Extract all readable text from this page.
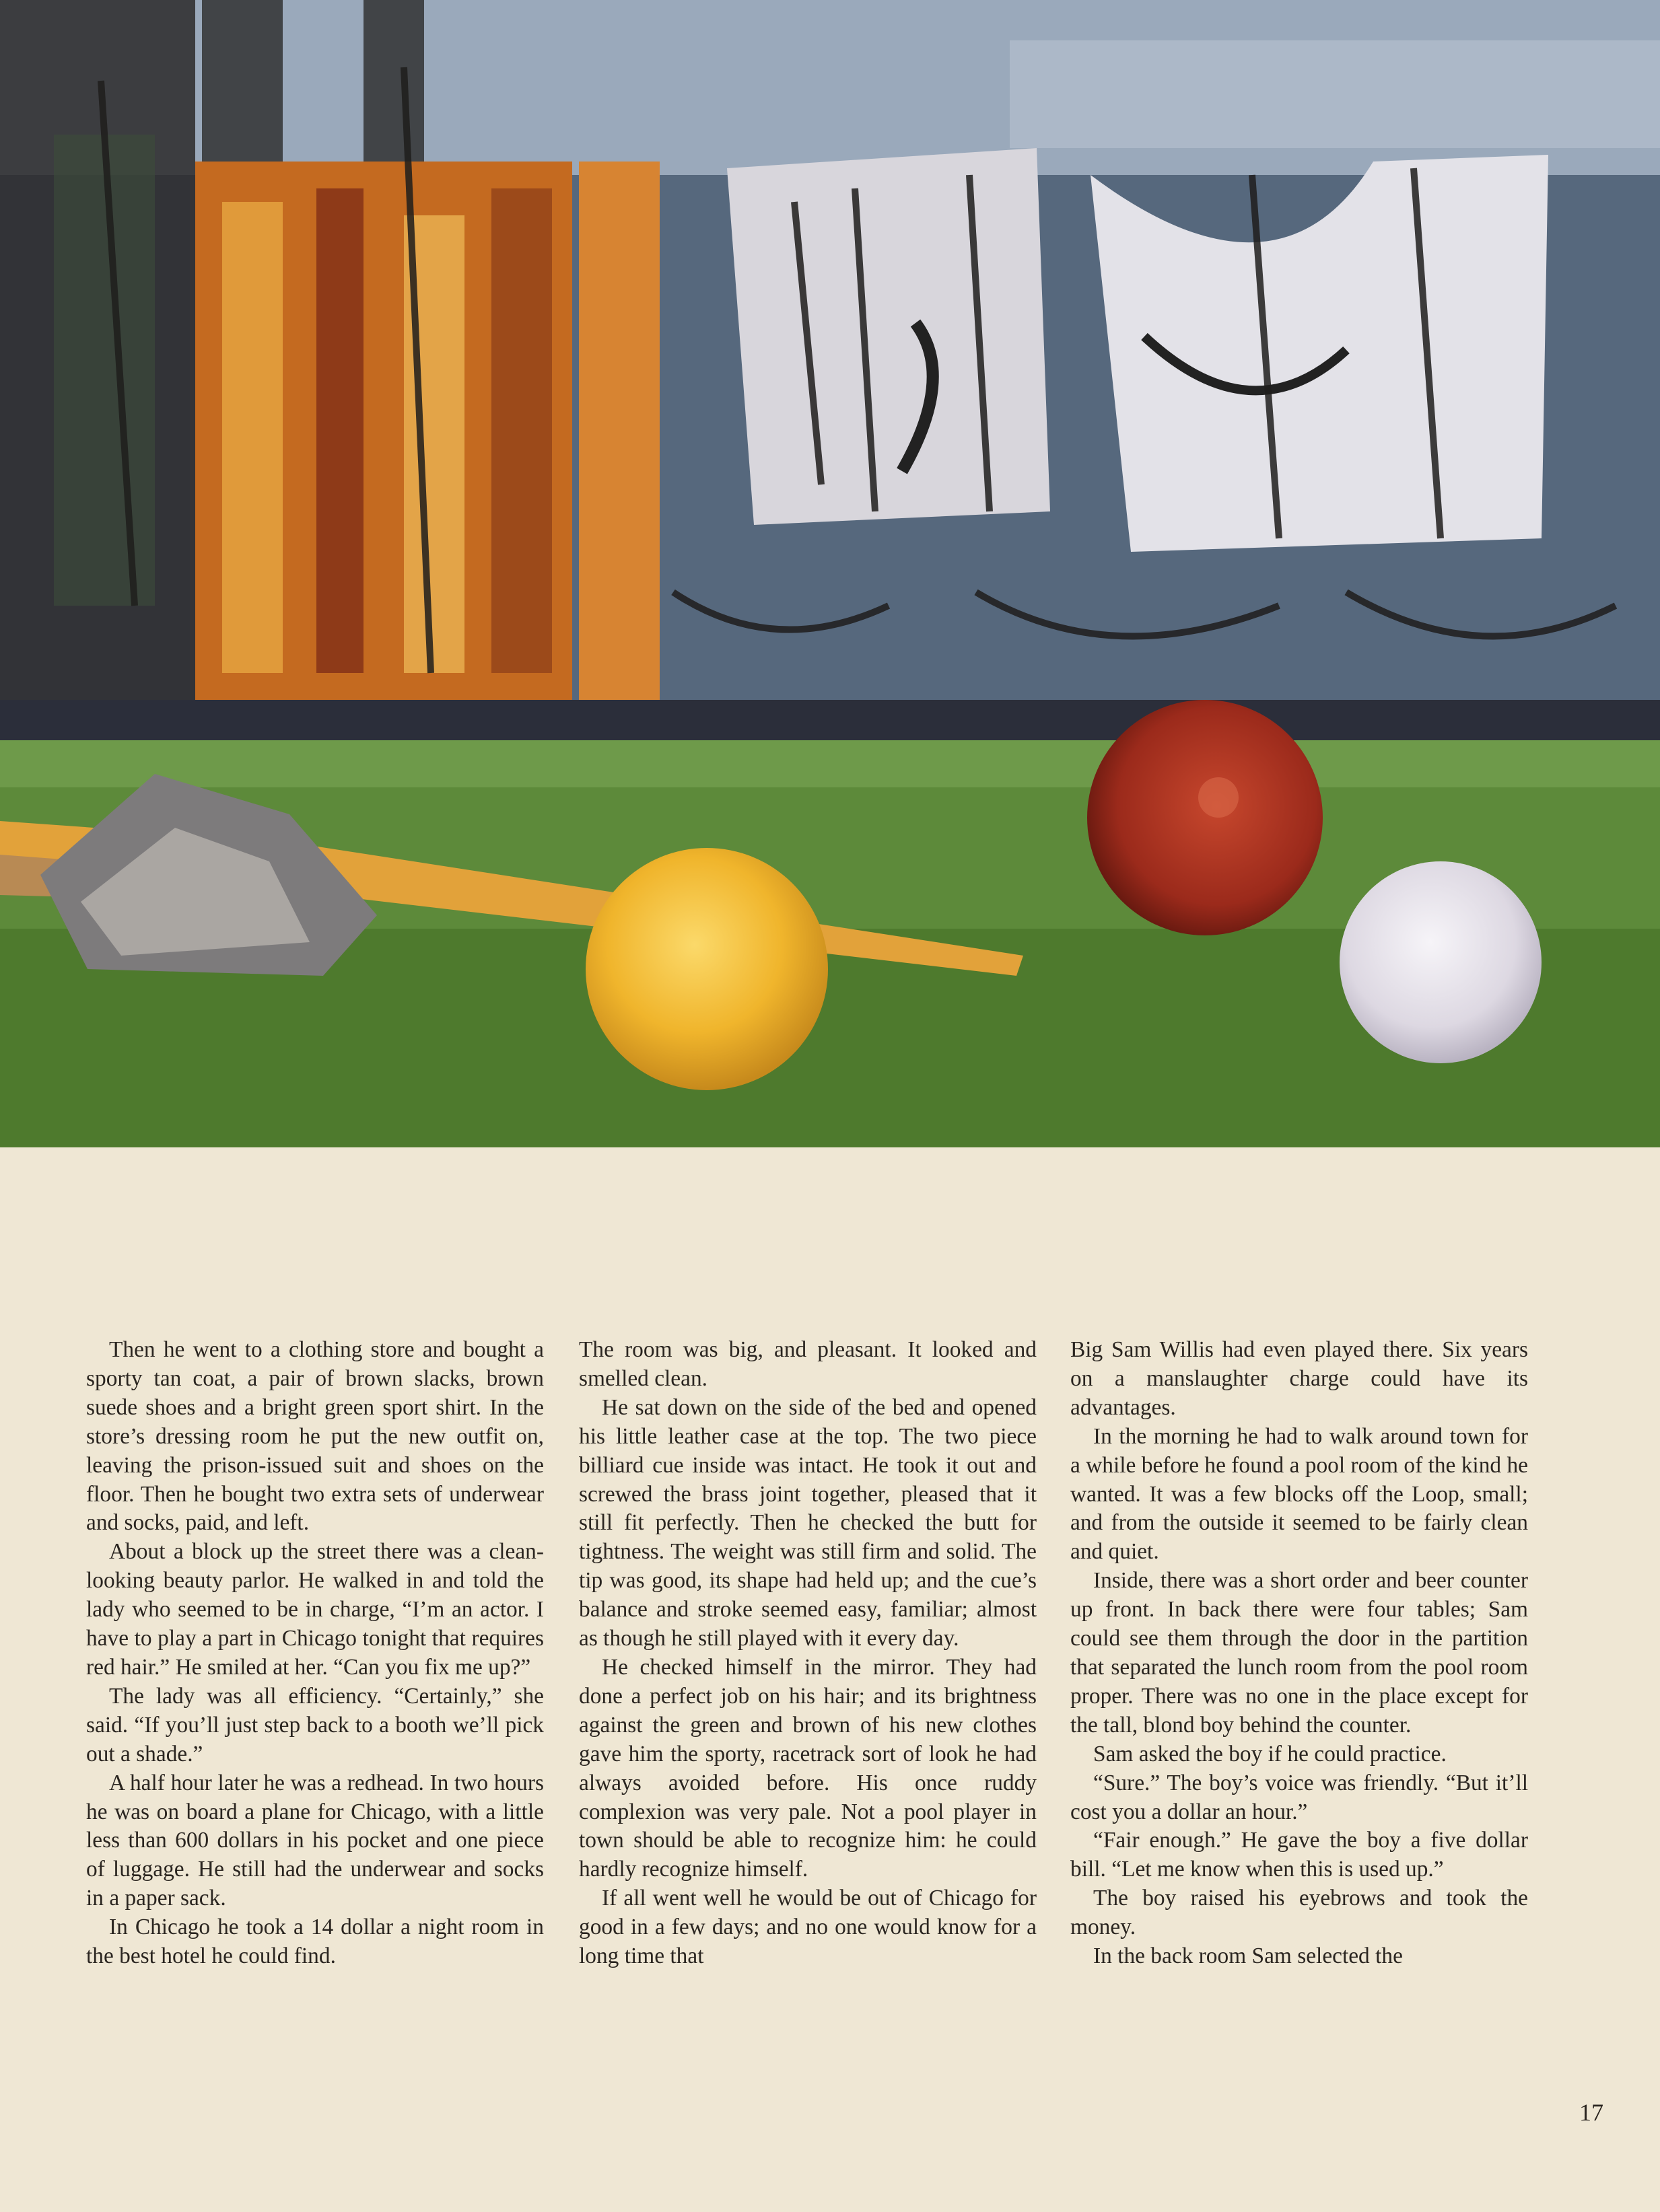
Then he went to a clothing store and bought a sporty tan coat, a pair of brown slacks, brown suede shoes and a bright green sport shirt. In the store’s dressing room he put the new outfit on, leaving the prison-issued suit and shoes on the floor. Then he bought two extra sets of underwear and socks, paid, and left.

About a block up the street there was a clean-looking beauty parlor. He walked in and told the lady who seemed to be in charge, “I’m an actor. I have to play a part in Chicago tonight that requires red hair.” He smiled at her. “Can you fix me up?”

The lady was all efficiency. “Certainly,” she said. “If you’ll just step back to a booth we’ll pick out a shade.”

A half hour later he was a redhead. In two hours he was on board a plane for Chicago, with a little less than 600 dollars in his pocket and one piece of luggage. He still had the underwear and socks in a paper sack.

In Chicago he took a 14 dollar a night room in the best hotel he could find.

The room was big, and pleasant. It looked and smelled clean.

He sat down on the side of the bed and opened his little leather case at the top. The two piece billiard cue inside was intact. He took it out and screwed the brass joint together, pleased that it still fit perfectly. Then he checked the butt for tightness. The weight was still firm and solid. The tip was good, its shape had held up; and the cue’s balance and stroke seemed easy, familiar; almost as though he still played with it every day.

He checked himself in the mirror. They had done a perfect job on his hair; and its brightness against the green and brown of his new clothes gave him the sporty, racetrack sort of look he had always avoided before. His once ruddy complexion was very pale. Not a pool player in town should be able to recognize him: he could hardly recognize himself.

If all went well he would be out of Chicago for good in a few days; and no one would know for a long time that

Big Sam Willis had even played there. Six years on a manslaughter charge could have its advantages.

In the morning he had to walk around town for a while before he found a pool room of the kind he wanted. It was a few blocks off the Loop, small; and from the outside it seemed to be fairly clean and quiet.

Inside, there was a short order and beer counter up front. In back there were four tables; Sam could see them through the door in the partition that separated the lunch room from the pool room proper. There was no one in the place except for the tall, blond boy behind the counter.

Sam asked the boy if he could practice.

“Sure.” The boy’s voice was friendly. “But it’ll cost you a dollar an hour.”

“Fair enough.” He gave the boy a five dollar bill. “Let me know when this is used up.”

The boy raised his eyebrows and took the money.

In the back room Sam selected the

17
